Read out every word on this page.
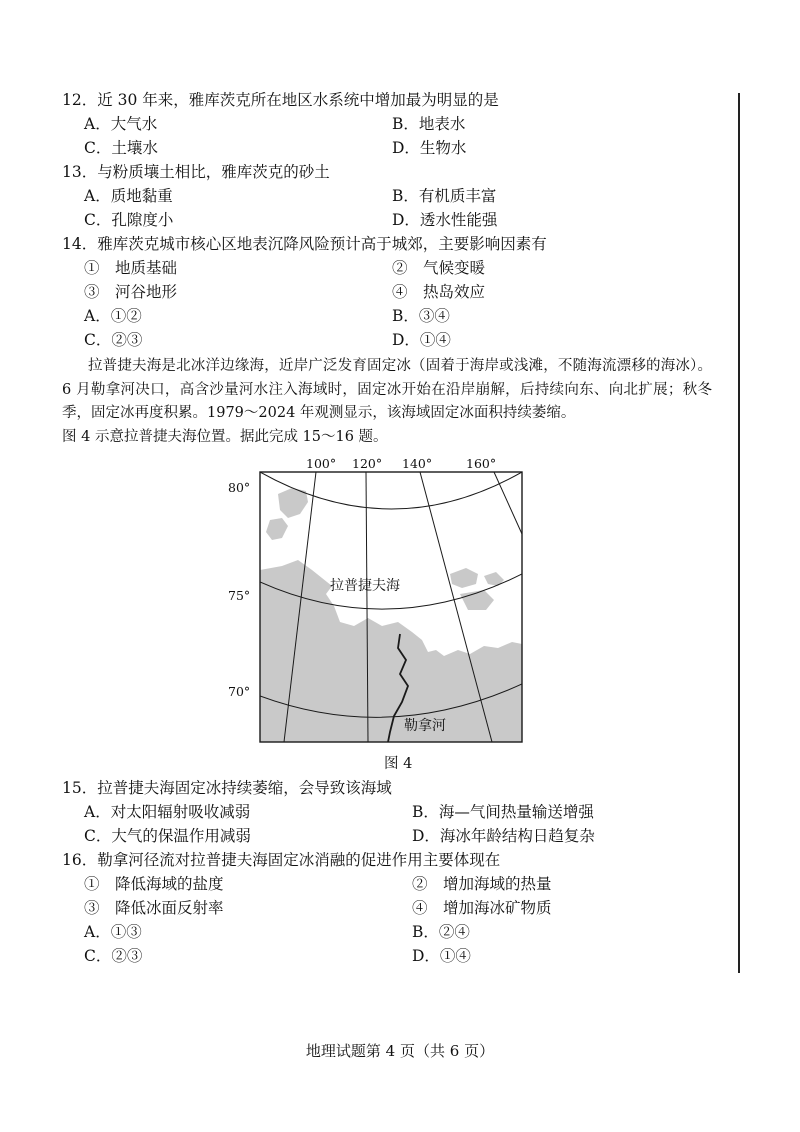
12．近 30 年来，雅库茨克所在地区水系统中增加最为明显的是
A．大气水	B．地表水
C．土壤水	D．生物水
13．与粉质壤土相比，雅库茨克的砂土
A．质地黏重	B．有机质丰富
C．孔隙度小	D．透水性能强
14．雅库茨克城市核心区地表沉降风险预计高于城郊，主要影响因素有
①　地质基础	②　气候变暖
③　河谷地形	④　热岛效应
A．①②	B．③④
C．②③	D．①④

拉普捷夫海是北冰洋边缘海，近岸广泛发育固定冰（固着于海岸或浅滩，不随海流漂移的海冰）。6 月勒拿河决口，高含沙量河水注入海域时，固定冰开始在沿岸崩解，后持续向东、向北扩展；秋冬季，固定冰再度积累。1979～2024 年观测显示，该海域固定冰面积持续萎缩。

图 4 示意拉普捷夫海位置。据此完成 15～16 题。

100° 120° 140°	160°
80°
75°
70°
拉普捷夫海
勒拿河
图 4
15．拉普捷夫海固定冰持续萎缩，会导致该海域
A．对太阳辐射吸收减弱	B．海—气间热量输送增强
C．大气的保温作用减弱	D．海冰年龄结构日趋复杂
16．勒拿河径流对拉普捷夫海固定冰消融的促进作用主要体现在
①　降低海域的盐度	②　增加海域的热量
③　降低冰面反射率	④　增加海冰矿物质
A．①③	B．②④
C．②③	D．①④
地理试题第 4 页（共 6 页）
